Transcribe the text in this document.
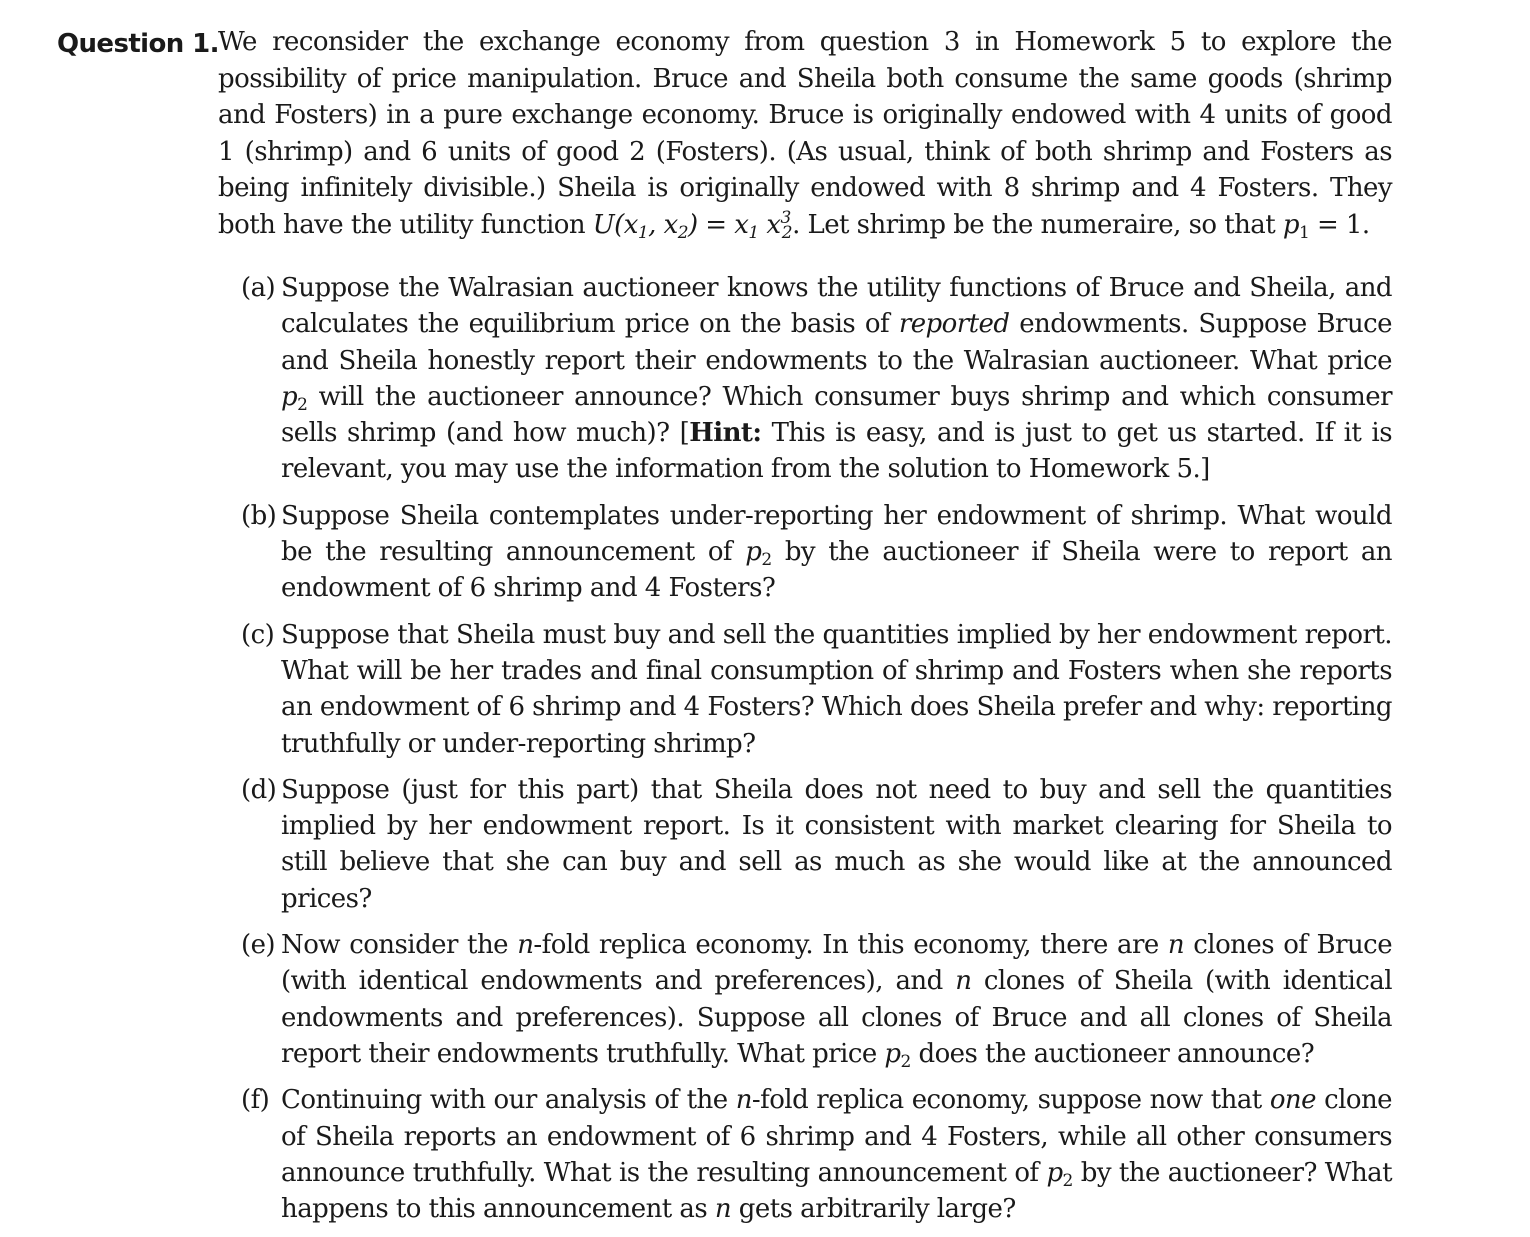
Question 1. We reconsider the exchange economy from question 3 in Homework 5 to explore the possibility of price manipulation. Bruce and Sheila both consume the same goods (shrimp and Fosters) in a pure exchange economy. Bruce is originally endowed with 4 units of good 1 (shrimp) and 6 units of good 2 (Fosters). (As usual, think of both shrimp and Fosters as being infinitely divisible.) Sheila is originally endowed with 8 shrimp and 4 Fosters. They both have the utility function $U(x_1$, $x_2) = x_1$ $x^3_2$. Let shrimp be the numeraire, so that $p_1 = 1$.
(a) Suppose the Walrasian auctioneer knows the utility functions of Bruce and Sheila, and calculates the equilibrium price on the basis of reported endowments. Suppose Bruce and Sheila honestly report their endowments to the Walrasian auctioneer. What price $p_2$ will the auctioneer announce? Which consumer buys shrimp and which consumer sells shrimp (and how much)? [Hint: This is easy, and is just to get us started. If it is relevant, you may use the information from the solution to Homework 5.]
(b) Suppose Sheila contemplates under-reporting her endowment of shrimp. What would be the resulting announcement of $p_2$ by the auctioneer if Sheila were to report an endowment of 6 shrimp and 4 Fosters?
(c) Suppose that Sheila must buy and sell the quantities implied by her endowment report. What will be her trades and final consumption of shrimp and Fosters when she reports an endowment of 6 shrimp and 4 Fosters? Which does Sheila prefer and why: reporting truthfully or under-reporting shrimp?
(d) Suppose (just for this part) that Sheila does not need to buy and sell the quantities implied by her endowment report. Is it consistent with market clearing for Sheila to still believe that she can buy and sell as much as she would like at the announced prices?
(e) Now consider the n-fold replica economy. In this economy, there are n clones of Bruce (with identical endowments and preferences), and n clones of Sheila (with identical endowments and preferences). Suppose all clones of Bruce and all clones of Sheila report their endowments truthfully. What price $p_2$ does the auctioneer announce?
(f) Continuing with our analysis of the n-fold replica economy, suppose now that one clone of Sheila reports an endowment of 6 shrimp and 4 Fosters, while all other consumers announce truthfully. What is the resulting announcement of $p_2$ by the auctioneer? What happens to this announcement as n gets arbitrarily large?
